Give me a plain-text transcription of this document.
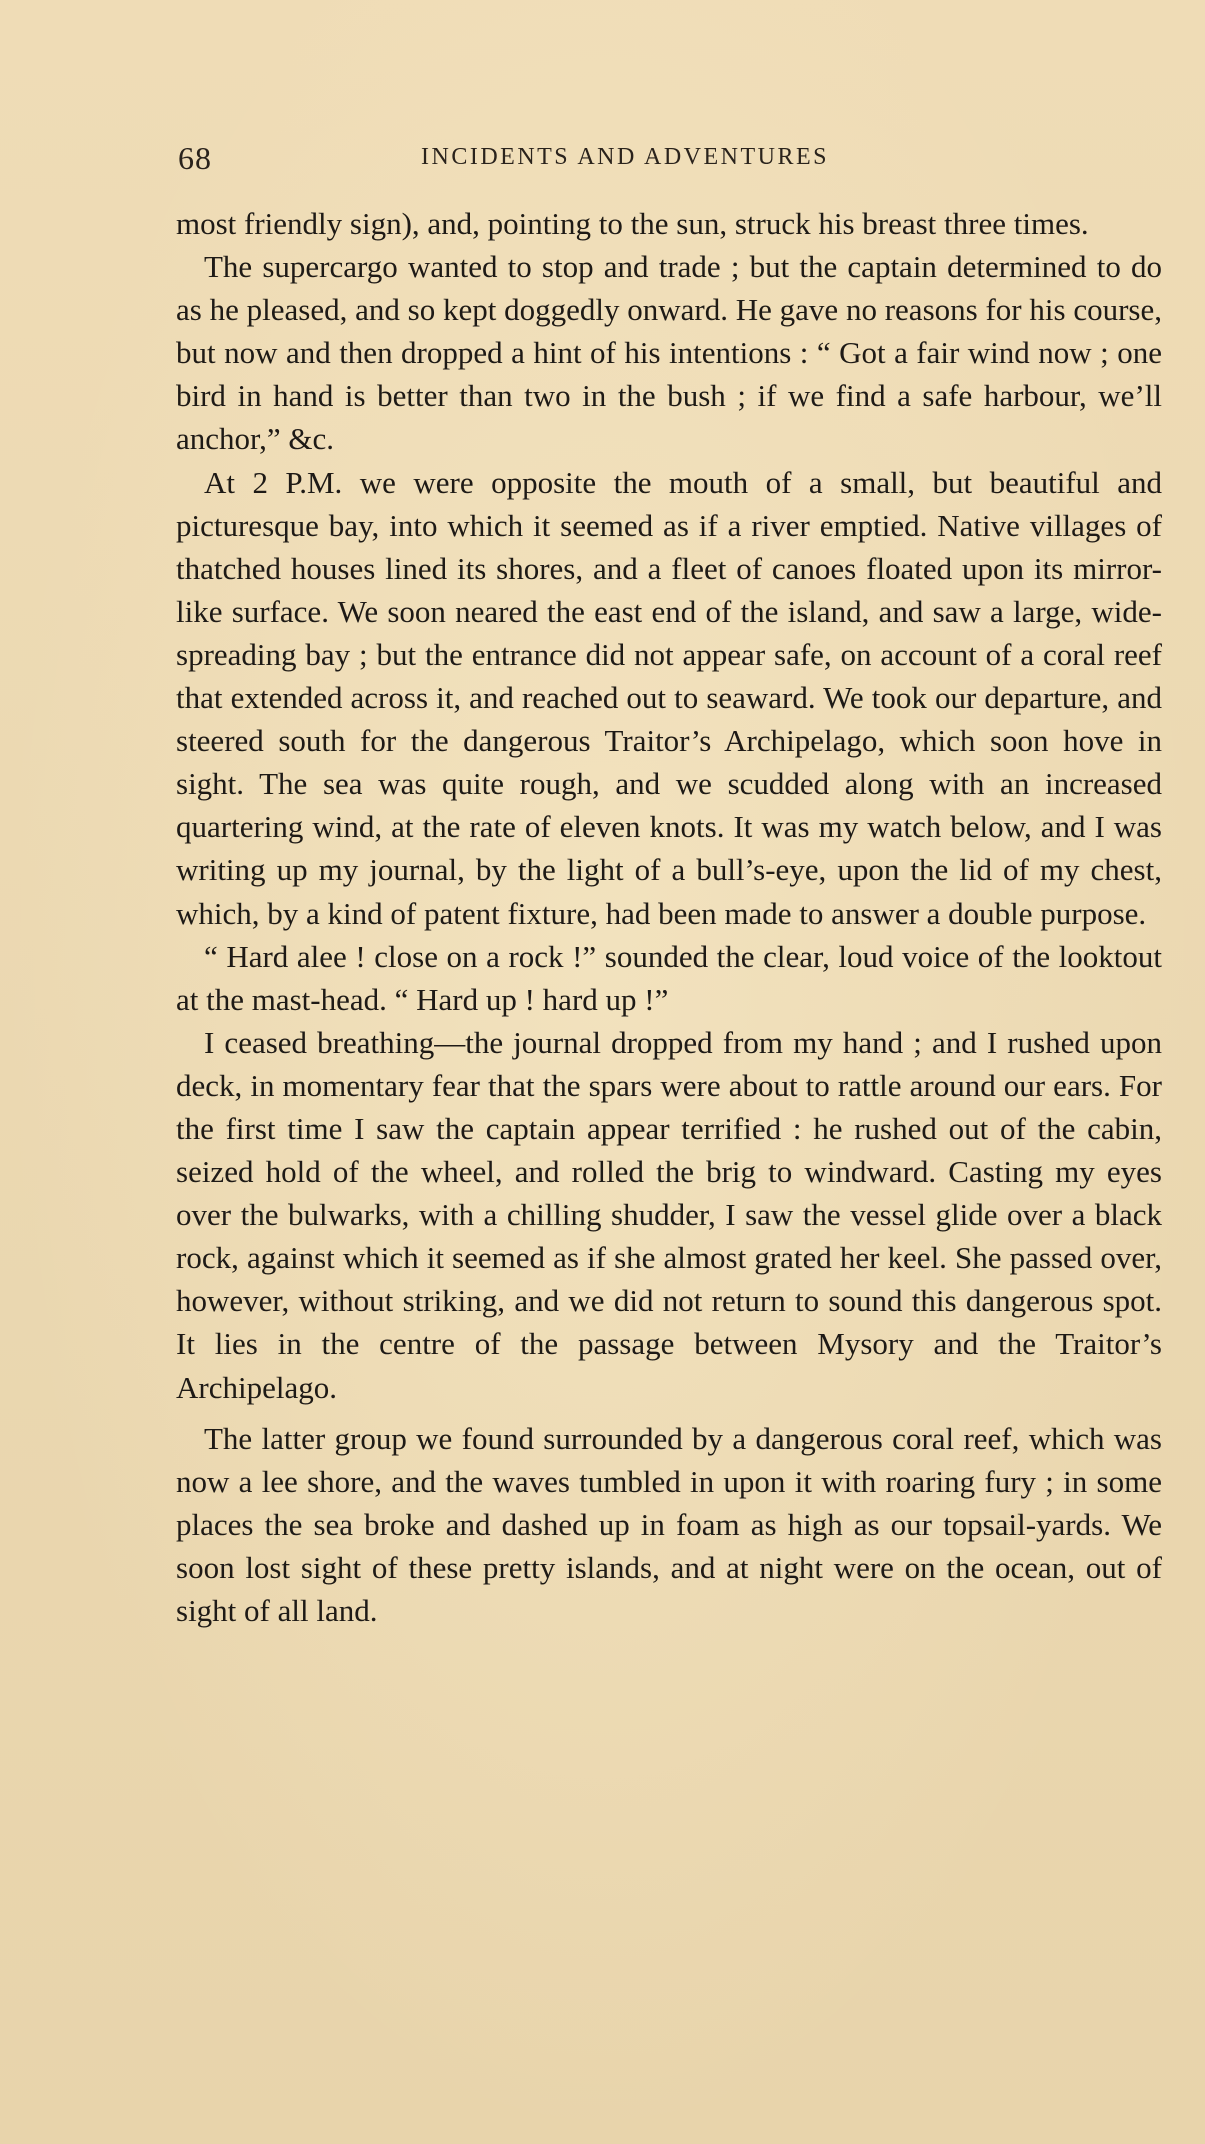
68	INCIDENTS AND ADVENTURES

most friendly sign), and, pointing to the sun, struck his breast three times.

The supercargo wanted to stop and trade ; but the captain determined to do as he pleased, and so kept doggedly onward. He gave no reasons for his course, but now and then dropped a hint of his intentions : “ Got a fair wind now ; one bird in hand is better than two in the bush ; if we find a safe harbour, we’ll anchor,” &c.

At 2 P.M. we were opposite the mouth of a small, but beautiful and picturesque bay, into which it seemed as if a river emptied. Native villages of thatched houses lined its shores, and a fleet of canoes floated upon its mirror-like surface. We soon neared the east end of the island, and saw a large, wide-spreading bay ; but the entrance did not appear safe, on account of a coral reef that extended across it, and reached out to seaward. We took our departure, and steered south for the dangerous Traitor’s Archipelago, which soon hove in sight. The sea was quite rough, and we scudded along with an increased quartering wind, at the rate of eleven knots. It was my watch below, and I was writing up my journal, by the light of a bull’s-eye, upon the lid of my chest, which, by a kind of patent fixture, had been made to answer a double purpose.

“ Hard alee ! close on a rock !” sounded the clear, loud voice of the looktout at the mast-head. “ Hard up ! hard up !”

I ceased breathing—the journal dropped from my hand ; and I rushed upon deck, in momentary fear that the spars were about to rattle around our ears. For the first time I saw the captain appear terrified : he rushed out of the cabin, seized hold of the wheel, and rolled the brig to windward. Casting my eyes over the bulwarks, with a chilling shudder, I saw the vessel glide over a black rock, against which it seemed as if she almost grated her keel. She passed over, however, without striking, and we did not return to sound this dangerous spot. It lies in the centre of the passage between Mysory and the Traitor’s Archipelago.

The latter group we found surrounded by a dangerous coral reef, which was now a lee shore, and the waves tumbled in upon it with roaring fury ; in some places the sea broke and dashed up in foam as high as our topsail-yards. We soon lost sight of these pretty islands, and at night were on the ocean, out of sight of all land.
